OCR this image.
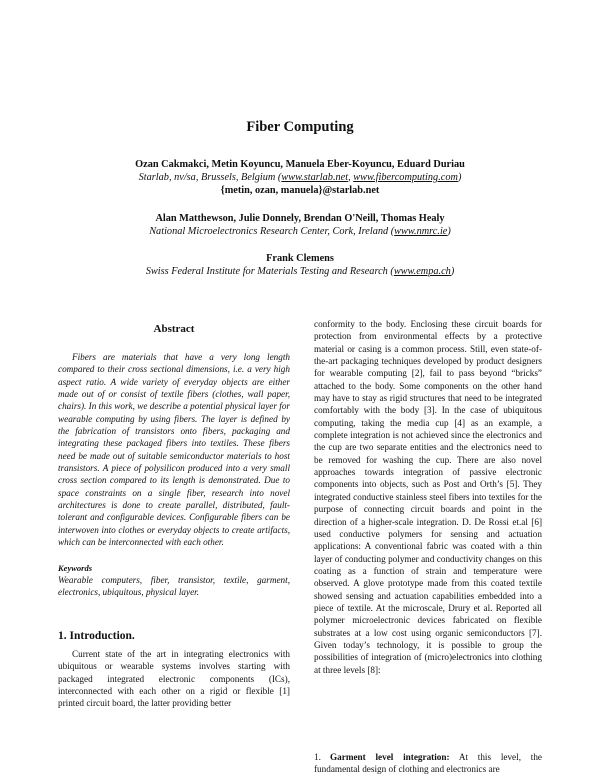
Fiber Computing
Ozan Cakmakci, Metin Koyuncu, Manuela Eber-Koyuncu, Eduard Duriau
Starlab, nv/sa, Brussels, Belgium (www.starlab.net, www.fibercomputing.com)
{metin, ozan, manuela}@starlab.net
Alan Matthewson, Julie Donnely, Brendan O'Neill, Thomas Healy
National Microelectronics Research Center, Cork, Ireland (www.nmrc.ie)
Frank Clemens
Swiss Federal Institute for Materials Testing and Research (www.empa.ch)
Abstract
Fibers are materials that have a very long length compared to their cross sectional dimensions, i.e. a very high aspect ratio. A wide variety of everyday objects are either made out of or consist of textile fibers (clothes, wall paper, chairs). In this work, we describe a potential physical layer for wearable computing by using fibers. The layer is defined by the fabrication of transistors onto fibers, packaging and integrating these packaged fibers into textiles. These fibers need be made out of suitable semiconductor materials to host transistors. A piece of polysilicon produced into a very small cross section compared to its length is demonstrated. Due to space constraints on a single fiber, research into novel architectures is done to create parallel, distributed, fault-tolerant and configurable devices. Configurable fibers can be interwoven into clothes or everyday objects to create artifacts, which can be interconnected with each other.
Keywords
Wearable computers, fiber, transistor, textile, garment, electronics, ubiquitous, physical layer.
1. Introduction.
Current state of the art in integrating electronics with ubiquitous or wearable systems involves starting with packaged integrated electronic components (ICs), interconnected with each other on a rigid or flexible [1] printed circuit board, the latter providing better
conformity to the body. Enclosing these circuit boards for protection from environmental effects by a protective material or casing is a common process. Still, even state-of-the-art packaging techniques developed by product designers for wearable computing [2], fail to pass beyond “bricks” attached to the body. Some components on the other hand may have to stay as rigid structures that need to be integrated comfortably with the body [3]. In the case of ubiquitous computing, taking the media cup [4] as an example, a complete integration is not achieved since the electronics and the cup are two separate entities and the electronics need to be removed for washing the cup. There are also novel approaches towards integration of passive electronic components into objects, such as Post and Orth’s [5]. They integrated conductive stainless steel fibers into textiles for the purpose of connecting circuit boards and point in the direction of a higher-scale integration. D. De Rossi et.al [6] used conductive polymers for sensing and actuation applications: A conventional fabric was coated with a thin layer of conducting polymer and conductivity changes on this coating as a function of strain and temperature were observed. A glove prototype made from this coated textile showed sensing and actuation capabilities embedded into a piece of textile. At the microscale, Drury et al. Reported all polymer microelectronic devices fabricated on flexible substrates at a low cost using organic semiconductors [7]. Given today’s technology, it is possible to group the possibilities of integration of (micro)electronics into clothing at three levels [8]:
1. Garment level integration: At this level, the fundamental design of clothing and electronics are
